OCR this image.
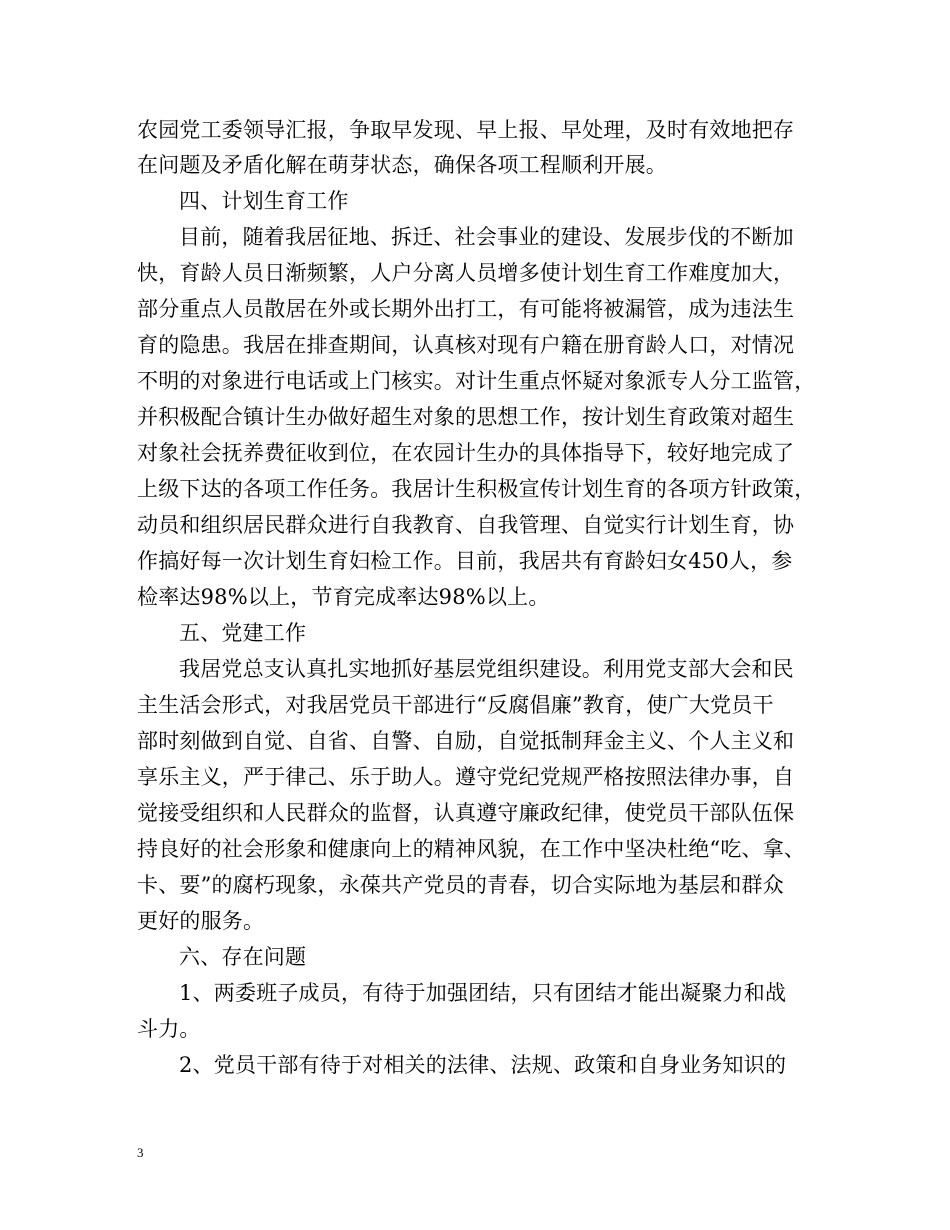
农园党工委领导汇报，争取早发现、早上报、早处理，及时有效地把存
在问题及矛盾化解在萌芽状态，确保各项工程顺利开展。
四、计划生育工作
目前，随着我居征地、拆迁、社会事业的建设、发展步伐的不断加
快，育龄人员日渐频繁，人户分离人员增多使计划生育工作难度加大，
部分重点人员散居在外或长期外出打工，有可能将被漏管，成为违法生
育的隐患。我居在排查期间，认真核对现有户籍在册育龄人口，对情况
不明的对象进行电话或上门核实。对计生重点怀疑对象派专人分工监管，
并积极配合镇计生办做好超生对象的思想工作，按计划生育政策对超生
对象社会抚养费征收到位，在农园计生办的具体指导下，较好地完成了
上级下达的各项工作任务。我居计生积极宣传计划生育的各项方针政策，
动员和组织居民群众进行自我教育、自我管理、自觉实行计划生育，协
作搞好每一次计划生育妇检工作。目前，我居共有育龄妇女450人，参
检率达98%以上，节育完成率达98%以上。
五、党建工作
我居党总支认真扎实地抓好基层党组织建设。利用党支部大会和民
主生活会形式，对我居党员干部进行“反腐倡廉”教育，使广大党员干
部时刻做到自觉、自省、自警、自励，自觉抵制拜金主义、个人主义和
享乐主义，严于律己、乐于助人。遵守党纪党规严格按照法律办事，自
觉接受组织和人民群众的监督，认真遵守廉政纪律，使党员干部队伍保
持良好的社会形象和健康向上的精神风貌，在工作中坚决杜绝“吃、拿、
卡、要”的腐朽现象，永葆共产党员的青春，切合实际地为基层和群众
更好的服务。
六、存在问题
1、两委班子成员，有待于加强团结，只有团结才能出凝聚力和战
斗力。
2、党员干部有待于对相关的法律、法规、政策和自身业务知识的
3
